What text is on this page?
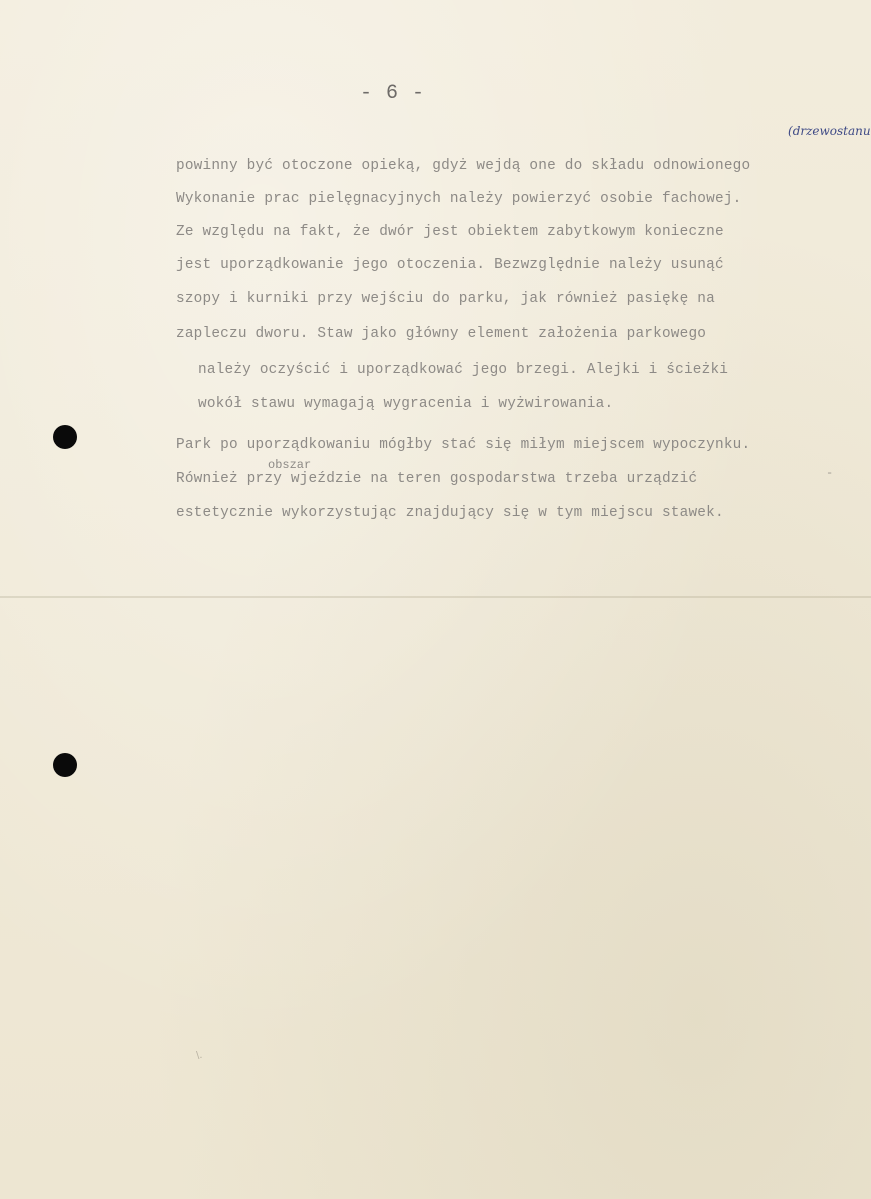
- 6 -
( drzewostanu
powinny być otoczone opieką, gdyż wejdą one do składu odnowionego
Wykonanie prac pielęgnacyjnych należy powierzyć osobie fachowej.
Ze względu na fakt, że dwór jest obiektem zabytkowym konieczne
jest uporządkowanie jego otoczenia. Bezwzględnie należy usunąć
szopy i kurniki przy wejściu do parku, jak również pasiękę na
zapleczu dworu. Staw jako główny element założenia parkowego
należy oczyścić i uporządkować jego brzegi. Alejki i ścieżki
wokół stawu wymagają wygracenia i wyżwirowania.
Park po uporządkowaniu mógłby stać się miłym miejscem wypoczynku.
obszar
Również przy wjeździe na teren gospodarstwa trzeba urządzić	-
estetycznie wykorzystując znajdujący się w tym miejscu stawek.
\.
